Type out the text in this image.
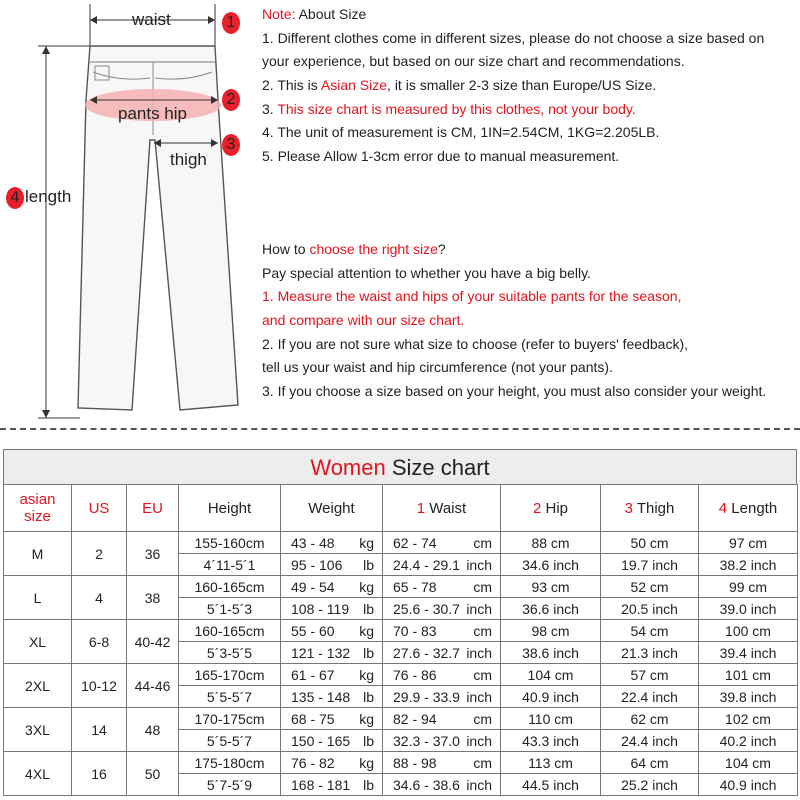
waist	1
pants hip
2
thigh
3
4 length
Note: About Size
1. Different clothes come in different sizes, please do not choose a size based on
your experience, but based on our size chart and recommendations.
2. This is Asian Size, it is smaller 2-3 size than Europe/US Size.
3. This size chart is measured by this clothes, not your body.
4. The unit of measurement is CM, 1IN=2.54CM, 1KG=2.205LB.
5. Please Allow 1-3cm error due to manual measurement.
How to choose the right size?
Pay special attention to whether you have a big belly.
1. Measure the waist and hips of your suitable pants for the season,
and compare with our size chart.
2. If you are not sure what size to choose (refer to buyers' feedback),
tell us your waist and hip circumference (not your pants).
3. If you choose a size based on your height, you must also consider your weight.
Women Size chart
asian
size	US	EU	Height	Weight	1 Waist	2 Hip	3 Thigh	4 Length
M	2	36	155-160cm	43 - 48 kg	62 - 74 cm	88 cm	50 cm	97 cm
			4´11-5´1	95 - 106 lb	24.4 - 29.1 inch	34.6 inch	19.7 inch	38.2 inch
L	4	38	160-165cm	49 - 54 kg	65 - 78 cm	93 cm	52 cm	99 cm
			5´1-5´3	108 - 119 lb	25.6 - 30.7 inch	36.6 inch	20.5 inch	39.0 inch
XL	6-8	40-42	160-165cm	55 - 60 kg	70 - 83 cm	98 cm	54 cm	100 cm
			5´3-5´5	121 - 132 lb	27.6 - 32.7 inch	38.6 inch	21.3 inch	39.4 inch
2XL	10-12	44-46	165-170cm	61 - 67 kg	76 - 86 cm	104 cm	57 cm	101 cm
			5´5-5´7	135 - 148 lb	29.9 - 33.9 inch	40.9 inch	22.4 inch	39.8 inch
3XL	14	48	170-175cm	68 - 75 kg	82 - 94 cm	110 cm	62 cm	102 cm
			5´5-5´7	150 - 165 lb	32.3 - 37.0 inch	43.3 inch	24.4 inch	40.2 inch
4XL	16	50	175-180cm	76 - 82 kg	88 - 98 cm	113 cm	64 cm	104 cm
			5´7-5´9	168 - 181 lb	34.6 - 38.6 inch	44.5 inch	25.2 inch	40.9 inch
